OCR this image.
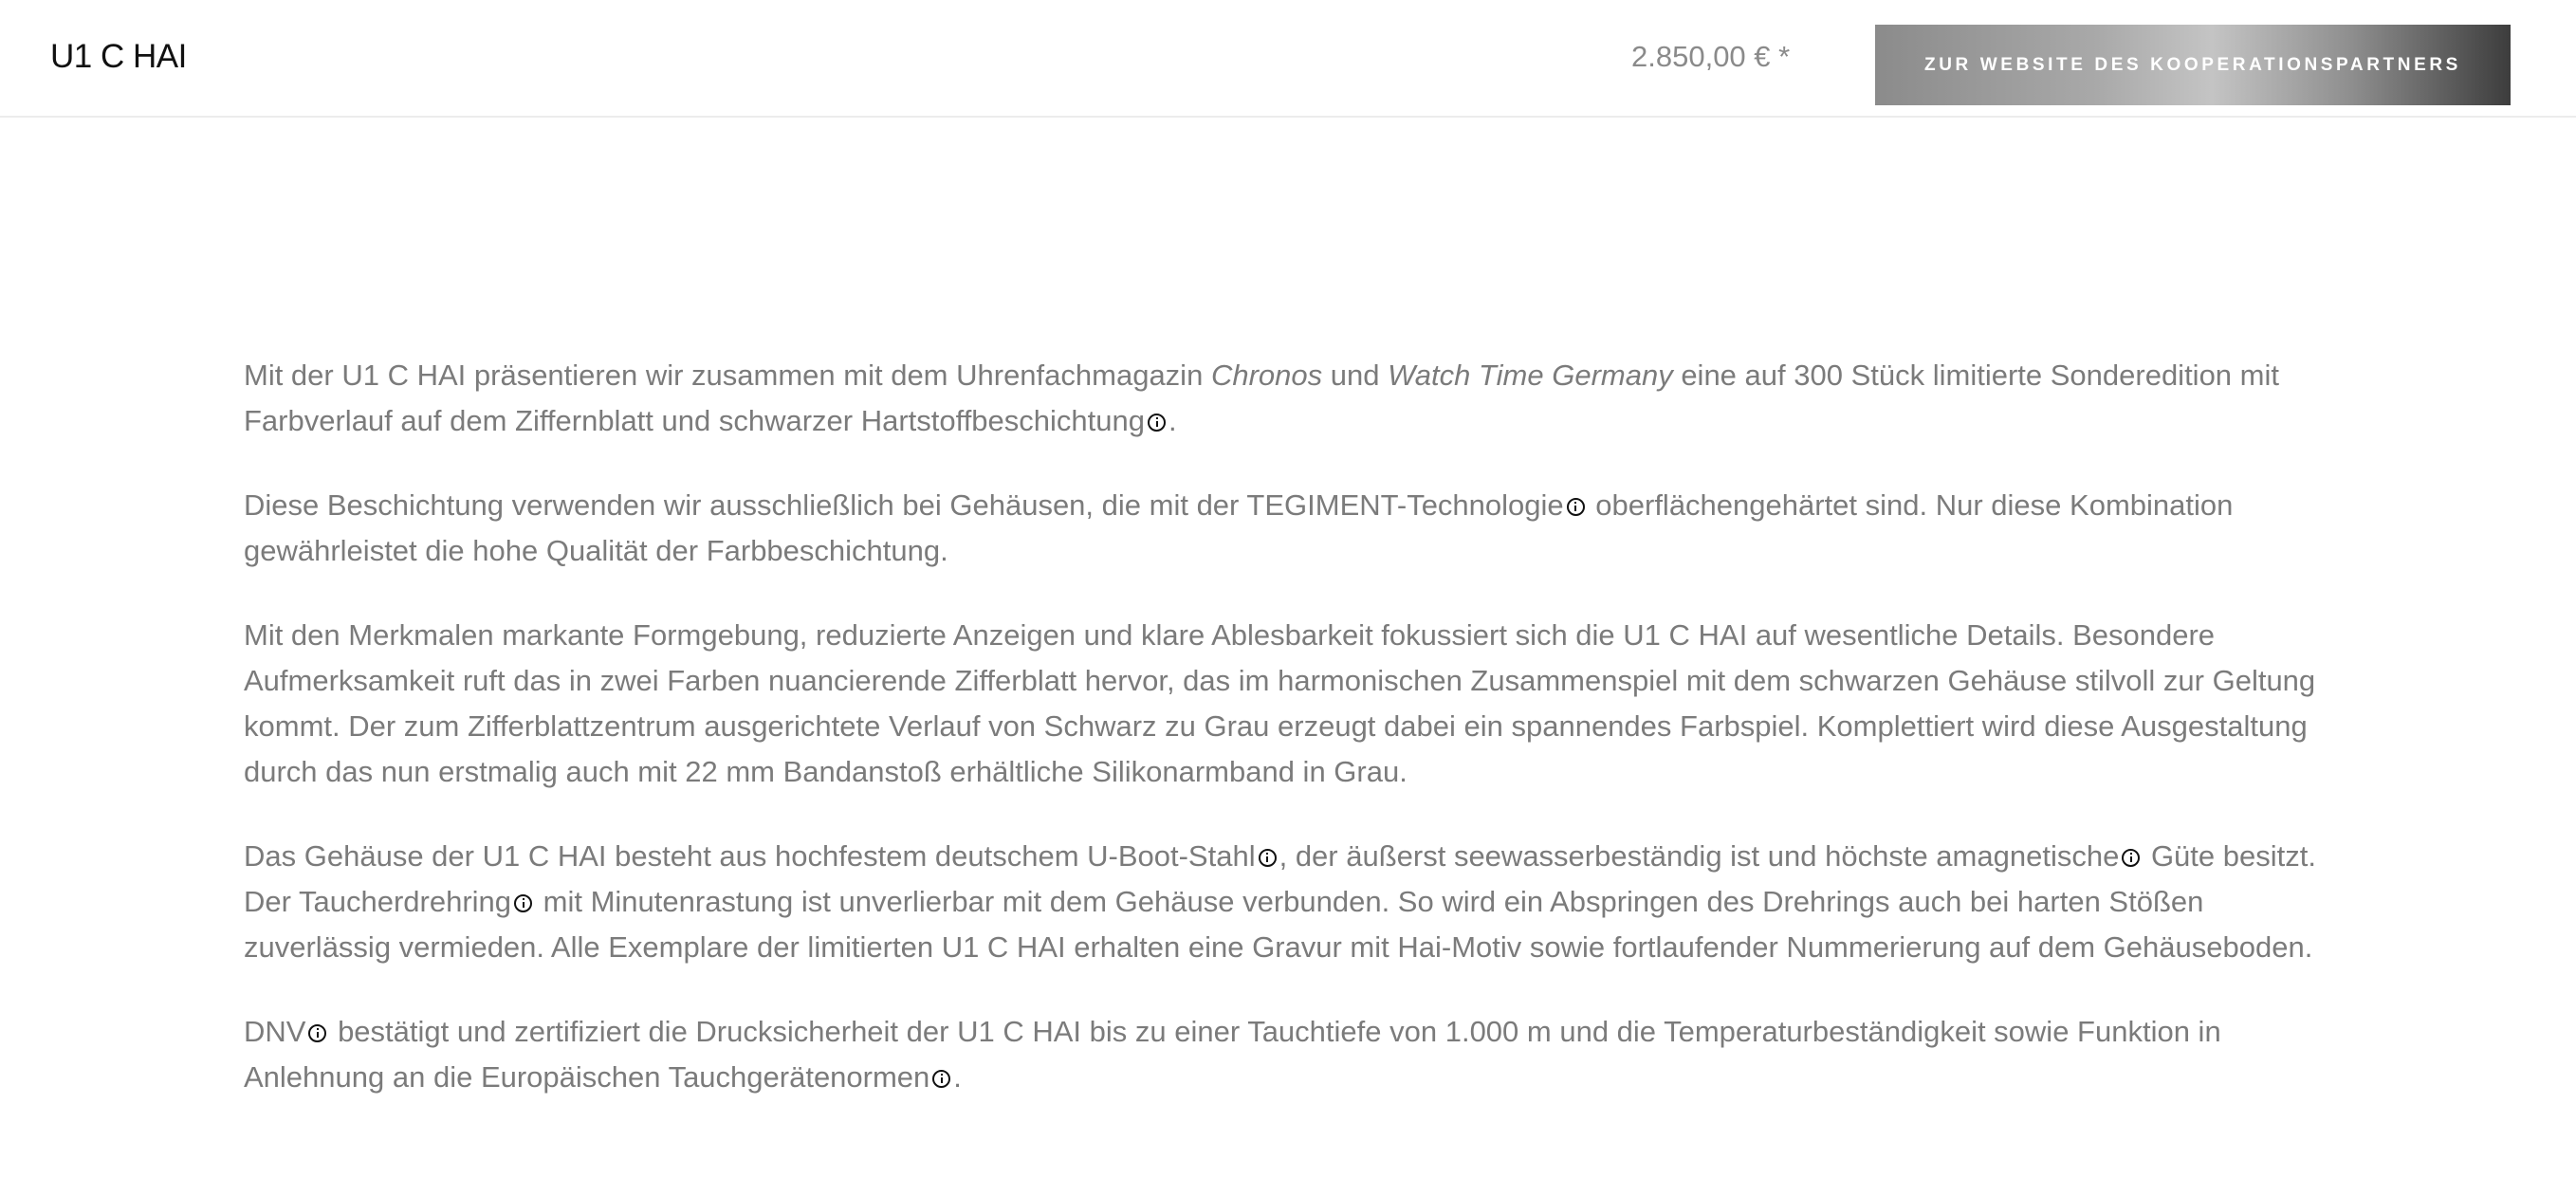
U1 C HAI	2.850,00 € *	ZUR WEBSITE DES KOOPERATIONSPARTNERS

Mit der U1 C HAI präsentieren wir zusammen mit dem Uhrenfachmagazin Chronos und Watch Time Germany eine auf 300 Stück limitierte Sonderedition mit Farbverlauf auf dem Ziffernblatt und schwarzer Hartstoffbeschichtung .

Diese Beschichtung verwenden wir ausschließlich bei Gehäusen, die mit der TEGIMENT-Technologie oberflächengehärtet sind. Nur diese Kombination gewährleistet die hohe Qualität der Farbbeschichtung.

Mit den Merkmalen markante Formgebung, reduzierte Anzeigen und klare Ablesbarkeit fokussiert sich die U1 C HAI auf wesentliche Details. Besondere Aufmerksamkeit ruft das in zwei Farben nuancierende Zifferblatt hervor, das im harmonischen Zusammenspiel mit dem schwarzen Gehäuse stilvoll zur Geltung kommt. Der zum Zifferblattzentrum ausgerichtete Verlauf von Schwarz zu Grau erzeugt dabei ein spannendes Farbspiel. Komplettiert wird diese Ausgestaltung durch das nun erstmalig auch mit 22 mm Bandanstoß erhältliche Silikonarmband in Grau.

Das Gehäuse der U1 C HAI besteht aus hochfestem deutschem U-Boot-Stahl , der äußerst seewasserbeständig ist und höchste amagnetische Güte besitzt. Der Taucherdrehring mit Minutenrastung ist unverlierbar mit dem Gehäuse verbunden. So wird ein Abspringen des Drehrings auch bei harten Stößen zuverlässig vermieden. Alle Exemplare der limitierten U1 C HAI erhalten eine Gravur mit Hai-Motiv sowie fortlaufender Nummerierung auf dem Gehäuseboden.

DNV bestätigt und zertifiziert die Drucksicherheit der U1 C HAI bis zu einer Tauchtiefe von 1.000 m und die Temperaturbeständigkeit sowie Funktion in Anlehnung an die Europäischen Tauchgerätenormen .
